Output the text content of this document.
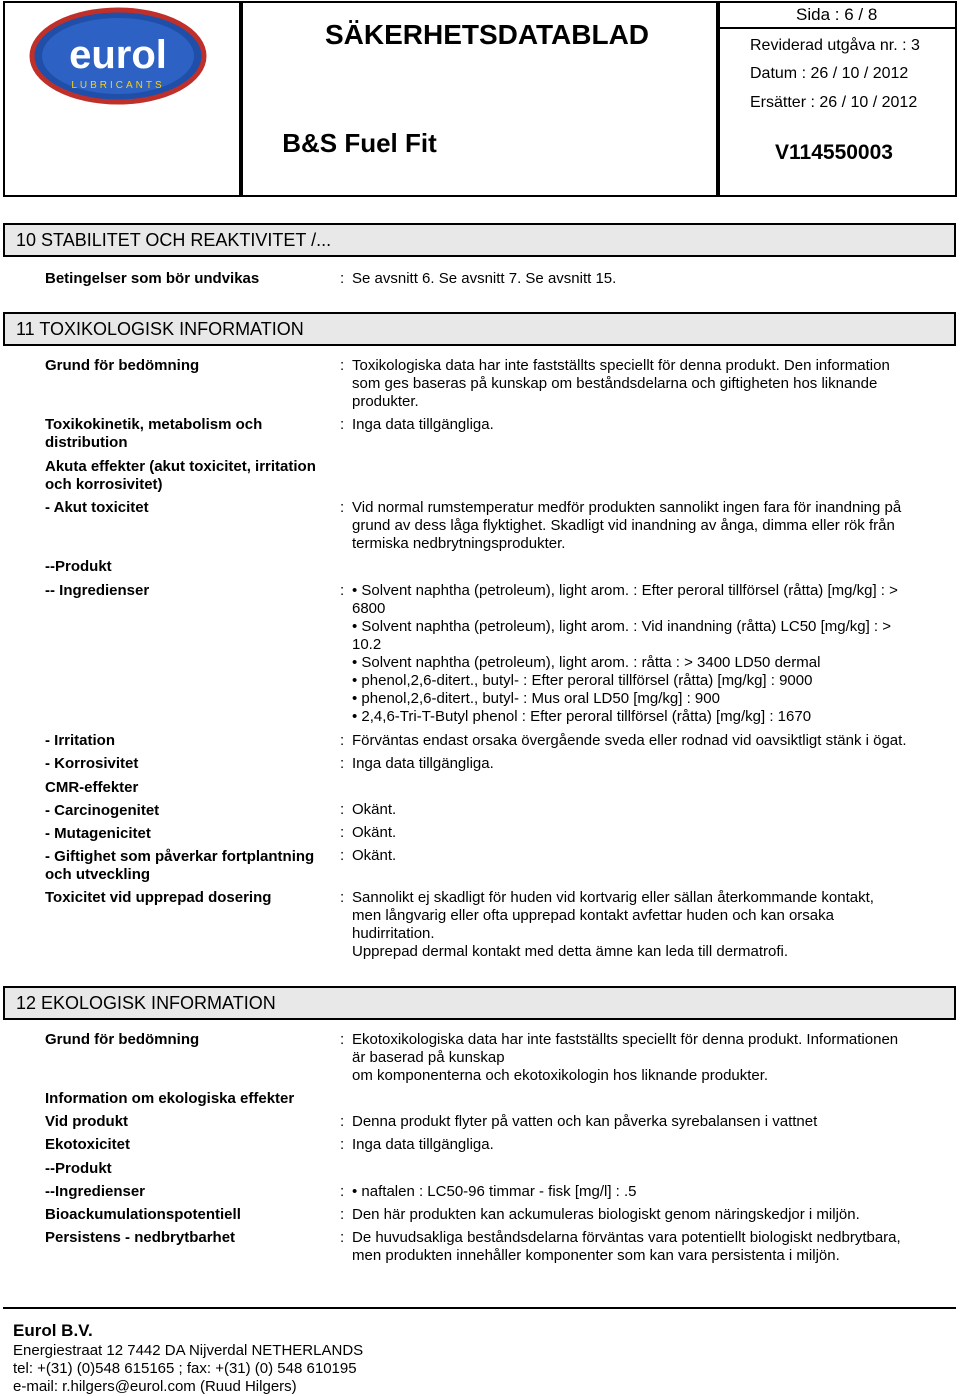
eurol
LUBRICANTS
SÄKERHETSDATABLAD
B&S Fuel Fit
Sida : 6 / 8
Reviderad utgåva nr. : 3
Datum : 26 / 10 / 2012
Ersätter : 26 / 10 / 2012
V114550003
10 STABILITET OCH REAKTIVITET /...
Betingelser som bör undvikas	: Se avsnitt 6. Se avsnitt 7. Se avsnitt 15.
11 TOXIKOLOGISK INFORMATION
Grund för bedömning	: Toxikologiska data har inte fastställts speciellt för denna produkt. Den information
som ges baseras på kunskap om beståndsdelarna och giftigheten hos liknande
produkter.
Toxikokinetik, metabolism och
distribution
: Inga data tillgängliga.
Akuta effekter (akut toxicitet, irritation
och korrosivitet)
- Akut toxicitet	: Vid normal rumstemperatur medför produkten sannolikt ingen fara för inandning på
grund av dess låga flyktighet. Skadligt vid inandning av ånga, dimma eller rök från
termiska nedbrytningsprodukter.
--Produkt
-- Ingredienser	: • Solvent naphtha (petroleum), light arom. : Efter peroral tillförsel (råtta) [mg/kg] : >
6800
• Solvent naphtha (petroleum), light arom. : Vid inandning (råtta) LC50 [mg/kg] : >
10.2
• Solvent naphtha (petroleum), light arom. : råtta : > 3400 LD50 dermal
• phenol,2,6-ditert., butyl- : Efter peroral tillförsel (råtta) [mg/kg] : 9000
• phenol,2,6-ditert., butyl- : Mus oral LD50 [mg/kg] : 900
• 2,4,6-Tri-T-Butyl phenol : Efter peroral tillförsel (råtta) [mg/kg] : 1670
- Irritation	: Förväntas endast orsaka övergående sveda eller rodnad vid oavsiktligt stänk i ögat.
- Korrosivitet	: Inga data tillgängliga.
CMR-effekter
- Carcinogenitet	: Okänt.
- Mutagenicitet	: Okänt.
- Giftighet som påverkar fortplantning
och utveckling
: Okänt.
Toxicitet vid upprepad dosering	: Sannolikt ej skadligt för huden vid kortvarig eller sällan återkommande kontakt,
men långvarig eller ofta upprepad kontakt avfettar huden och kan orsaka
hudirritation.
Upprepad dermal kontakt med detta ämne kan leda till dermatrofi.
12 EKOLOGISK INFORMATION
Grund för bedömning	: Ekotoxikologiska data har inte fastställts speciellt för denna produkt. Informationen
är baserad på kunskap
om komponenterna och ekotoxikologin hos liknande produkter.
Information om ekologiska effekter
Vid produkt	: Denna produkt flyter på vatten och kan påverka syrebalansen i vattnet
Ekotoxicitet	: Inga data tillgängliga.
--Produkt
--Ingredienser	: • naftalen : LC50-96 timmar - fisk [mg/l] : .5
Bioackumulationspotentiell	: Den här produkten kan ackumuleras biologiskt genom näringskedjor i miljön.
Persistens - nedbrytbarhet	: De huvudsakliga beståndsdelarna förväntas vara potentiellt biologiskt nedbrytbara,
men produkten innehåller komponenter som kan vara persistenta i miljön.
Eurol B.V.
Energiestraat 12 7442 DA Nijverdal NETHERLANDS
tel: +(31) (0)548 615165 ; fax: +(31) (0) 548 610195
e-mail: r.hilgers@eurol.com (Ruud Hilgers)
